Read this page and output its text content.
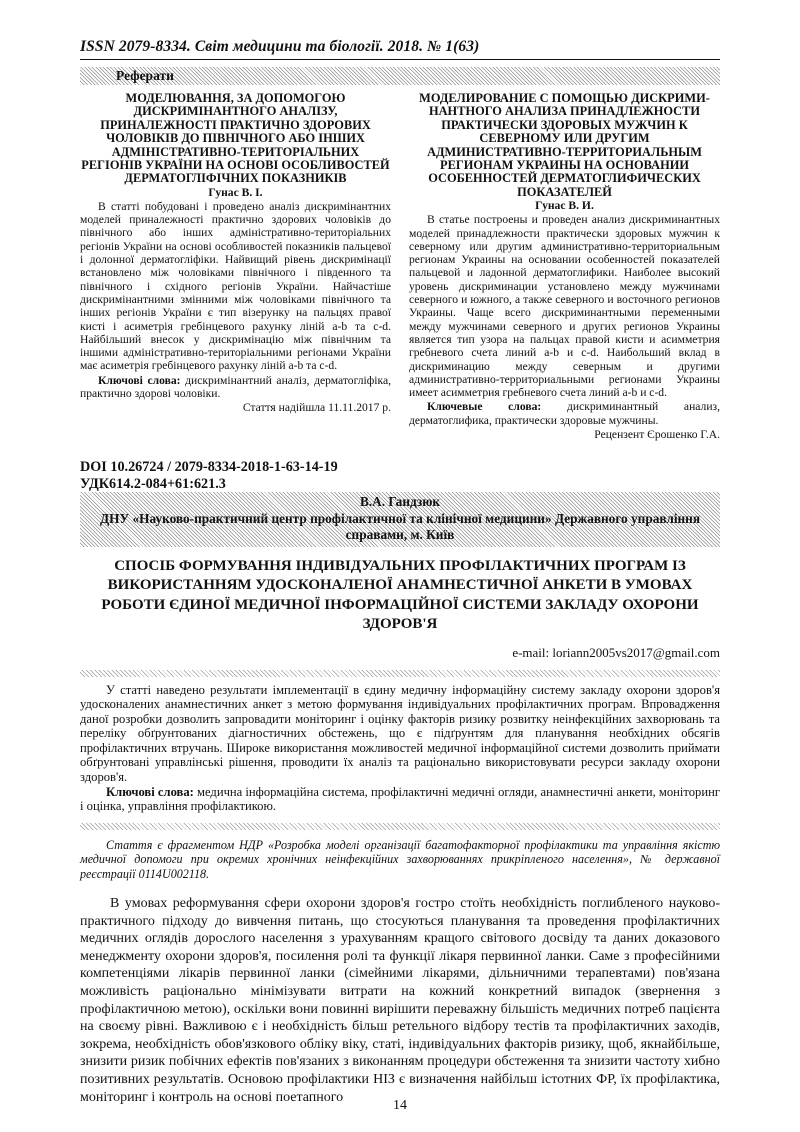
ISSN 2079-8334. Світ медицини та біології. 2018. № 1(63)
Реферати
МОДЕЛЮВАННЯ, ЗА ДОПОМОГОЮ ДИСКРИМІНАНТНОГО АНАЛІЗУ, ПРИНАЛЕЖНОСТІ ПРАКТИЧНО ЗДОРОВИХ ЧОЛОВІКІВ ДО ПІВНІЧНОГО АБО ІНШИХ АДМІНІСТРАТИВНО-ТЕРИТОРІАЛЬНИХ РЕГІОНІВ УКРАЇНИ НА ОСНОВІ ОСОБЛИВОСТЕЙ ДЕРМАТОГЛІФІЧНИХ ПОКАЗНИКІВ
Гунас В. І.
В статті побудовані і проведено аналіз дискримінантних моделей приналежності практично здорових чоловіків до північного або інших адміністративно-територіальних регіонів України на основі особливостей показників пальцевої і долонної дерматогліфіки. Найвищий рівень дискримінації встановлено між чоловіками північного і південного та північного і східного регіонів України. Найчастіше дискримінантними змінними між чоловіками північного та інших регіонів України є тип візерунку на пальцях правої кисті і асиметрія гребінцевого рахунку ліній a-b та c-d. Найбільший внесок у дискримінацію між північним та іншими адміністративно-територіальними регіонами України має асиметрія гребінцевого рахунку ліній a-b та c-d.
Ключові слова: дискримінантний аналіз, дерматогліфіка, практично здорові чоловіки.
Стаття надійшла 11.11.2017 р.
МОДЕЛИРОВАНИЕ С ПОМОЩЬЮ ДИСКРИМИ-НАНТНОГО АНАЛИЗА ПРИНАДЛЕЖНОСТИ ПРАКТИЧЕСКИ ЗДОРОВЫХ МУЖЧИН К СЕВЕРНОМУ ИЛИ ДРУГИМ АДМИНИСТРАТИВНО-ТЕРРИТОРИАЛЬНЫМ РЕГИОНАМ УКРАИНЫ НА ОСНОВАНИИ ОСОБЕННОСТЕЙ ДЕРМАТОГЛИФИЧЕСКИХ ПОКАЗАТЕЛЕЙ
Гунас В. И.
В статье построены и проведен анализ дискриминантных моделей принадлежности практически здоровых мужчин к северному или другим административно-территориальным регионам Украины на основании особенностей показателей пальцевой и ладонной дерматоглифики. Наиболее высокий уровень дискриминации установлено между мужчинами северного и южного, а также северного и восточного регионов Украины. Чаще всего дискриминантными переменными между мужчинами северного и других регионов Украины является тип узора на пальцах правой кисти и асимметрия гребневого счета линий a-b и c-d. Наибольший вклад в дискриминацию между северным и другими административно-территориальными регионами Украины имеет асимметрия гребневого счета линий a-b и c-d.
Ключевые слова: дискриминантный анализ, дерматоглифика, практически здоровые мужчины.
Рецензент Єрошенко Г.А.
DOI 10.26724 / 2079-8334-2018-1-63-14-19
УДК614.2-084+61:621.3
В.А. Гандзюк
ДНУ «Науково-практичний центр профілактичної та клінічної медицини» Державного управління справами, м. Київ
СПОСІБ ФОРМУВАННЯ ІНДИВІДУАЛЬНИХ ПРОФІЛАКТИЧНИХ ПРОГРАМ ІЗ ВИКОРИСТАННЯМ УДОСКОНАЛЕНОЇ АНАМНЕСТИЧНОЇ АНКЕТИ В УМОВАХ РОБОТИ ЄДИНОЇ МЕДИЧНОЇ ІНФОРМАЦІЙНОЇ СИСТЕМИ ЗАКЛАДУ ОХОРОНИ ЗДОРОВ'Я
e-mail: loriann2005vs2017@gmail.com

У статті наведено результати імплементації в єдину медичну інформаційну систему закладу охорони здоров'я удосконалених анамнестичних анкет з метою формування індивідуальних профілактичних програм. Впровадження даної розробки дозволить запровадити моніторинг і оцінку факторів ризику розвитку неінфекційних захворювань та переліку обґрунтованих діагностичних обстежень, що є підґрунтям для планування необхідних обсягів профілактичних втручань. Широке використання можливостей медичної інформаційної системи дозволить приймати обґрунтовані управлінські рішення, проводити їх аналіз та раціонально використовувати ресурси закладу охорони здоров'я.

Ключові слова: медична інформаційна система, профілактичні медичні огляди, анамнестичні анкети, моніторинг і оцінка, управління профілактикою.

Стаття є фрагментом НДР «Розробка моделі організації багатофакторної профілактики та управління якістю медичної допомоги при окремих хронічних неінфекційних захворюваннях прикріпленого населення», № державної реєстрації 0114U002118.

В умовах реформування сфери охорони здоров'я гостро стоїть необхідність поглибленого науково-практичного підходу до вивчення питань, що стосуються планування та проведення профілактичних медичних оглядів дорослого населення з урахуванням кращого світового досвіду та даних доказового менеджменту охорони здоров'я, посилення ролі та функції лікаря первинної ланки. Саме з професійними компетенціями лікарів первинної ланки (сімейними лікарями, дільничними терапевтами) пов'язана можливість раціонально мінімізувати витрати на кожний конкретний випадок (звернення з профілактичною метою), оскільки вони повинні вирішити переважну більшість медичних потреб пацієнта на своєму рівні. Важливою є і необхідність більш ретельного відбору тестів та профілактичних заходів, зокрема, необхідність обов'язкового обліку віку, статі, індивідуальних факторів ризику, щоб, якнайбільше, знизити ризик побічних ефектів пов'язаних з виконанням процедури обстеження та знизити частоту хибно позитивних результатів. Основою профілактики НІЗ є визначення найбільш істотних ФР, їх профілактика, моніторинг і контроль на основі поетапного

14
